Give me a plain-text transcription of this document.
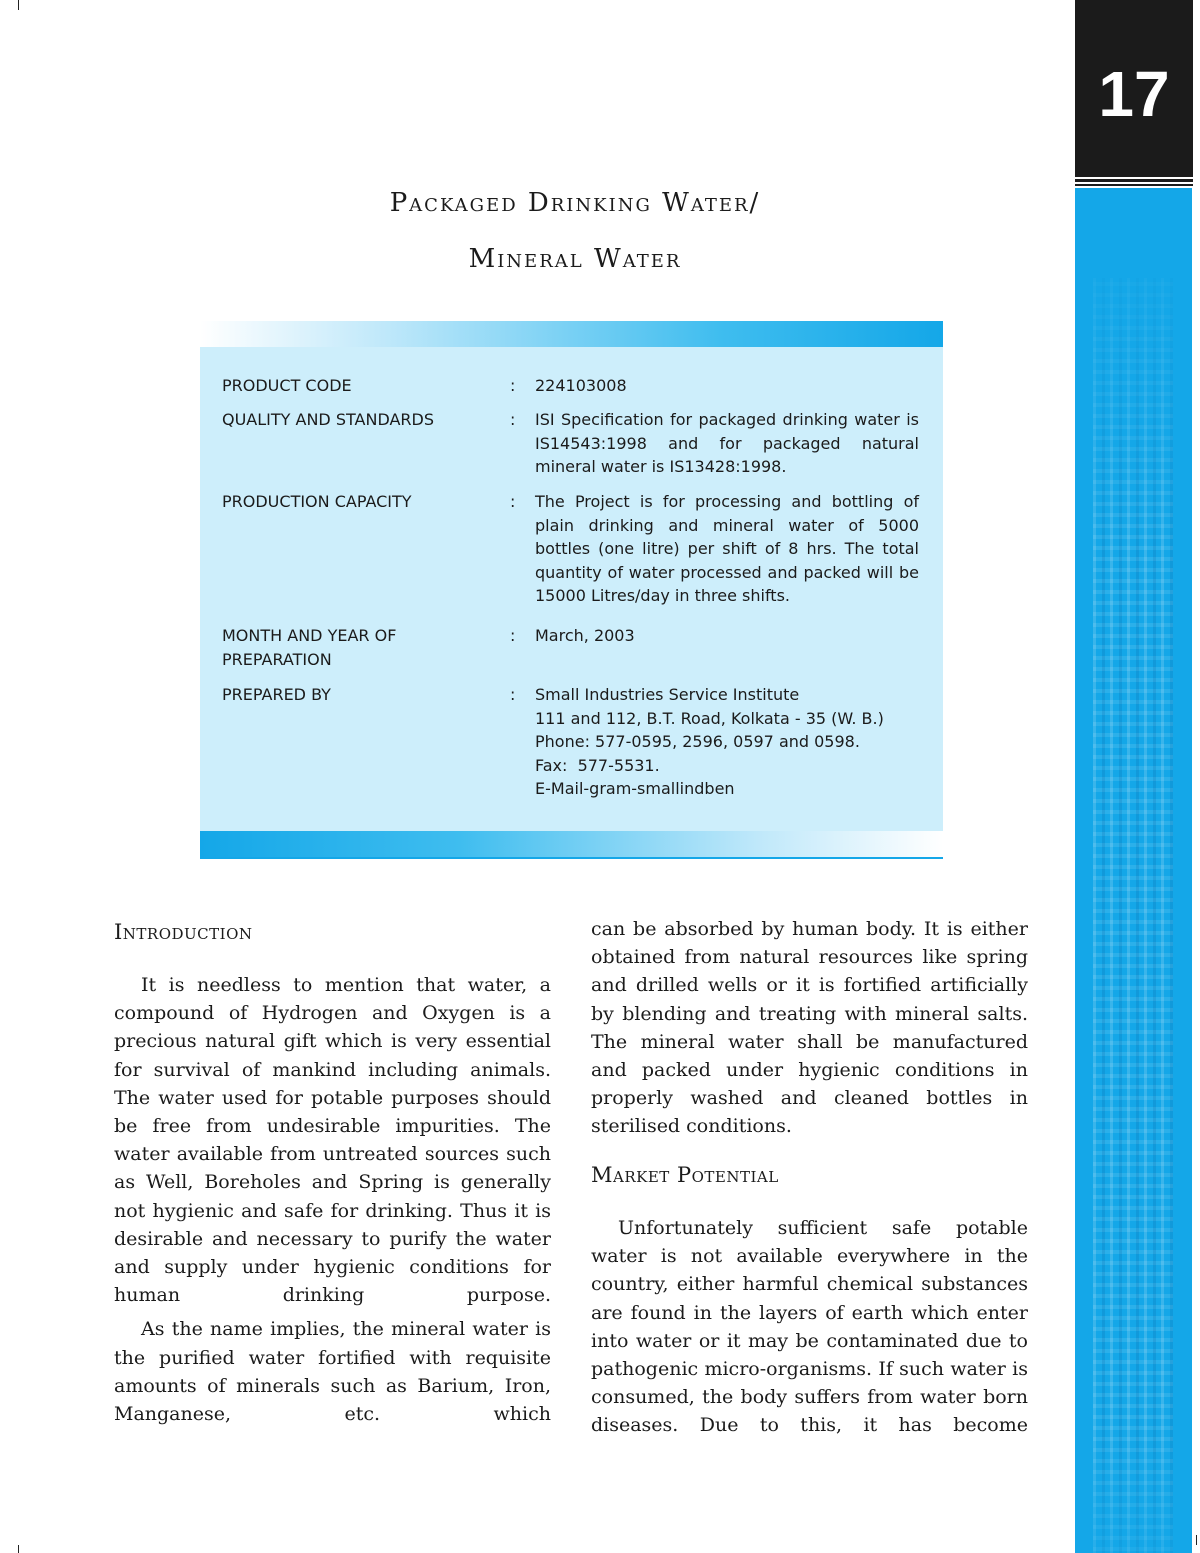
17
Packaged Drinking Water/
Mineral Water
PRODUCT CODE	: 224103008
QUALITY AND STANDARDS	: ISI Specification for packaged drinking water is IS14543:1998 and for packaged natural mineral water is IS13428:1998.
PRODUCTION CAPACITY	: The Project is for processing and bottling of plain drinking and mineral water of 5000 bottles (one litre) per shift of 8 hrs. The total quantity of water processed and packed will be 15000 Litres/day in three shifts.
MONTH AND YEAR OF PREPARATION
: March, 2003
PREPARED BY	: Small Industries Service Institute
111 and 112, B.T. Road, Kolkata - 35 (W. B.)
Phone: 577-0595, 2596, 0597 and 0598.
Fax:  577-5531.
E-Mail-gram-smallindben
Introduction

It is needless to mention that water, a compound of Hydrogen and Oxygen is a precious natural gift which is very essential for survival of mankind including animals. The water used for potable purposes should be free from undesirable impurities. The water available from untreated sources such as Well, Boreholes and Spring is generally not hygienic and safe for drinking. Thus it is desirable and necessary to purify the water and supply under hygienic conditions for human drinking purpose.

As the name implies, the mineral water is the purified water fortified with requisite amounts of minerals such as Barium, Iron, Manganese, etc. which

can be absorbed by human body. It is either obtained from natural resources like spring and drilled wells or it is fortified artificially by blending and treating with mineral salts. The mineral water shall be manufactured and packed under hygienic conditions in properly washed and cleaned bottles in sterilised conditions.

Market Potential

Unfortunately sufficient safe potable water is not available everywhere in the country, either harmful chemical substances are found in the layers of earth which enter into water or it may be contaminated due to pathogenic micro-organisms. If such water is consumed, the body suffers from water born diseases. Due to this, it has become
